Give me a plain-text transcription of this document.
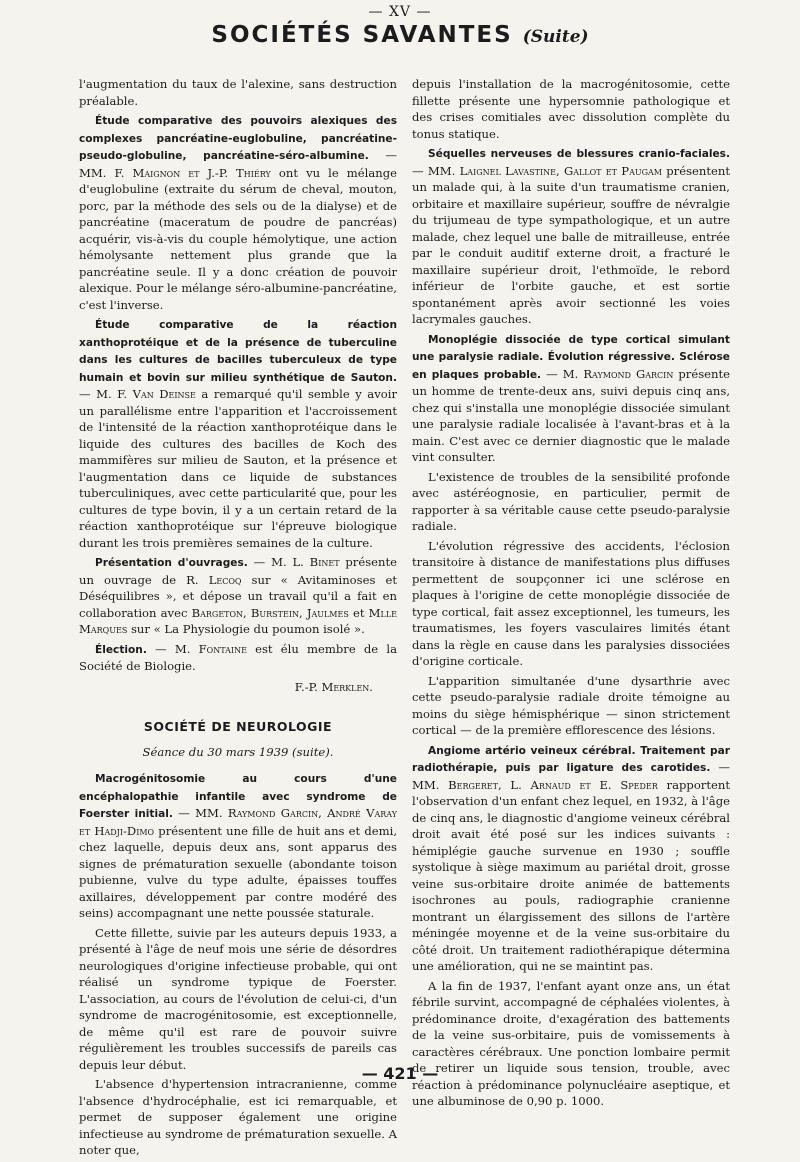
— XV —
SOCIÉTÉS SAVANTES (Suite)

l'augmentation du taux de l'alexine, sans destruction préalable.

Étude comparative des pouvoirs alexiques des complexes pancréatine-euglobuline, pancréatine-pseudo-globuline, pancréatine-séro-albumine. — MM. F. Maignon et J.-P. Thiéry ont vu le mélange d'euglobuline (extraite du sérum de cheval, mouton, porc, par la méthode des sels ou de la dialyse) et de pancréatine (maceratum de poudre de pancréas) acquérir, vis-à-vis du couple hémolytique, une action hémolysante nettement plus grande que la pancréatine seule. Il y a donc création de pouvoir alexique. Pour le mélange séro-albumine-pancréatine, c'est l'inverse.

Étude comparative de la réaction xanthoprotéique et de la présence de tuberculine dans les cultures de bacilles tuberculeux de type humain et bovin sur milieu synthétique de Sauton. — M. F. Van Deinse a remarqué qu'il semble y avoir un parallélisme entre l'apparition et l'accroissement de l'intensité de la réaction xanthoprotéique dans le liquide des cultures des bacilles de Koch des mammifères sur milieu de Sauton, et la présence et l'augmentation dans ce liquide de substances tuberculiniques, avec cette particularité que, pour les cultures de type bovin, il y a un certain retard de la réaction xanthoprotéique sur l'épreuve biologique durant les trois premières semaines de la culture.

Présentation d'ouvrages. — M. L. Binet présente un ouvrage de R. Lecoq sur « Avitaminoses et Déséquilibres », et dépose un travail qu'il a fait en collaboration avec Bargeton, Burstein, Jaulmes et Mlle Marques sur « La Physiologie du poumon isolé ».

Élection. — M. Fontaine est élu membre de la Société de Biologie.

F.-P. Merklen.
SOCIÉTÉ DE NEUROLOGIE
Séance du 30 mars 1939 (suite).

Macrogénitosomie au cours d'une encéphalopathie infantile avec syndrome de Foerster initial. — MM. Raymond Garcin, André Varay et Hadji-Dimo présentent une fille de huit ans et demi, chez laquelle, depuis deux ans, sont apparus des signes de prématuration sexuelle (abondante toison pubienne, vulve du type adulte, épaisses touffes axillaires, développement par contre modéré des seins) accompagnant une nette poussée staturale.

Cette fillette, suivie par les auteurs depuis 1933, a présenté à l'âge de neuf mois une série de désordres neurologiques d'origine infectieuse probable, qui ont réalisé un syndrome typique de Foerster. L'association, au cours de l'évolution de celui-ci, d'un syndrome de macrogénitosomie, est exceptionnelle, de même qu'il est rare de pouvoir suivre régulièrement les troubles successifs de pareils cas depuis leur début.

L'absence d'hypertension intracranienne, comme l'absence d'hydrocéphalie, est ici remarquable, et permet de supposer également une origine infectieuse au syndrome de prématuration sexuelle. A noter que,

depuis l'installation de la macrogénitosomie, cette fillette présente une hypersomnie pathologique et des crises comitiales avec dissolution complète du tonus statique.

Séquelles nerveuses de blessures cranio-faciales. — MM. Laignel Lavastine, Gallot et Paugam présentent un malade qui, à la suite d'un traumatisme cranien, orbitaire et maxillaire supérieur, souffre de névralgie du trijumeau de type sympathologique, et un autre malade, chez lequel une balle de mitrailleuse, entrée par le conduit auditif externe droit, a fracturé le maxillaire supérieur droit, l'ethmoïde, le rebord inférieur de l'orbite gauche, et est sortie spontanément après avoir sectionné les voies lacrymales gauches.

Monoplégie dissociée de type cortical simulant une paralysie radiale. Évolution régressive. Sclérose en plaques probable. — M. Raymond Garcin présente un homme de trente-deux ans, suivi depuis cinq ans, chez qui s'installa une monoplégie dissociée simulant une paralysie radiale localisée à l'avant-bras et à la main. C'est avec ce dernier diagnostic que le malade vint consulter.

L'existence de troubles de la sensibilité profonde avec astéréognosie, en particulier, permit de rapporter à sa véritable cause cette pseudo-paralysie radiale.

L'évolution régressive des accidents, l'éclosion transitoire à distance de manifestations plus diffuses permettent de soupçonner ici une sclérose en plaques à l'origine de cette monoplégie dissociée de type cortical, fait assez exceptionnel, les tumeurs, les traumatismes, les foyers vasculaires limités étant dans la règle en cause dans les paralysies dissociées d'origine corticale.

L'apparition simultanée d'une dysarthrie avec cette pseudo-paralysie radiale droite témoigne au moins du siège hémisphérique — sinon strictement cortical — de la première efflorescence des lésions.

Angiome artério veineux cérébral. Traitement par radiothérapie, puis par ligature des carotides. — MM. Bergeret, L. Arnaud et E. Speder rapportent l'observation d'un enfant chez lequel, en 1932, à l'âge de cinq ans, le diagnostic d'angiome veineux cérébral droit avait été posé sur les indices suivants : hémiplégie gauche survenue en 1930 ; souffle systolique à siège maximum au pariétal droit, grosse veine sus-orbitaire droite animée de battements isochrones au pouls, radiographie cranienne montrant un élargissement des sillons de l'artère méningée moyenne et de la veine sus-orbitaire du côté droit. Un traitement radiothérapique détermina une amélioration, qui ne se maintint pas.

A la fin de 1937, l'enfant ayant onze ans, un état fébrile survint, accompagné de céphalées violentes, à prédominance droite, d'exagération des battements de la veine sus-orbitaire, puis de vomissements à caractères cérébraux. Une ponction lombaire permit de retirer un liquide sous tension, trouble, avec réaction à prédominance polynucléaire aseptique, et une albuminose de 0,90 p. 1000.

— 421 —
